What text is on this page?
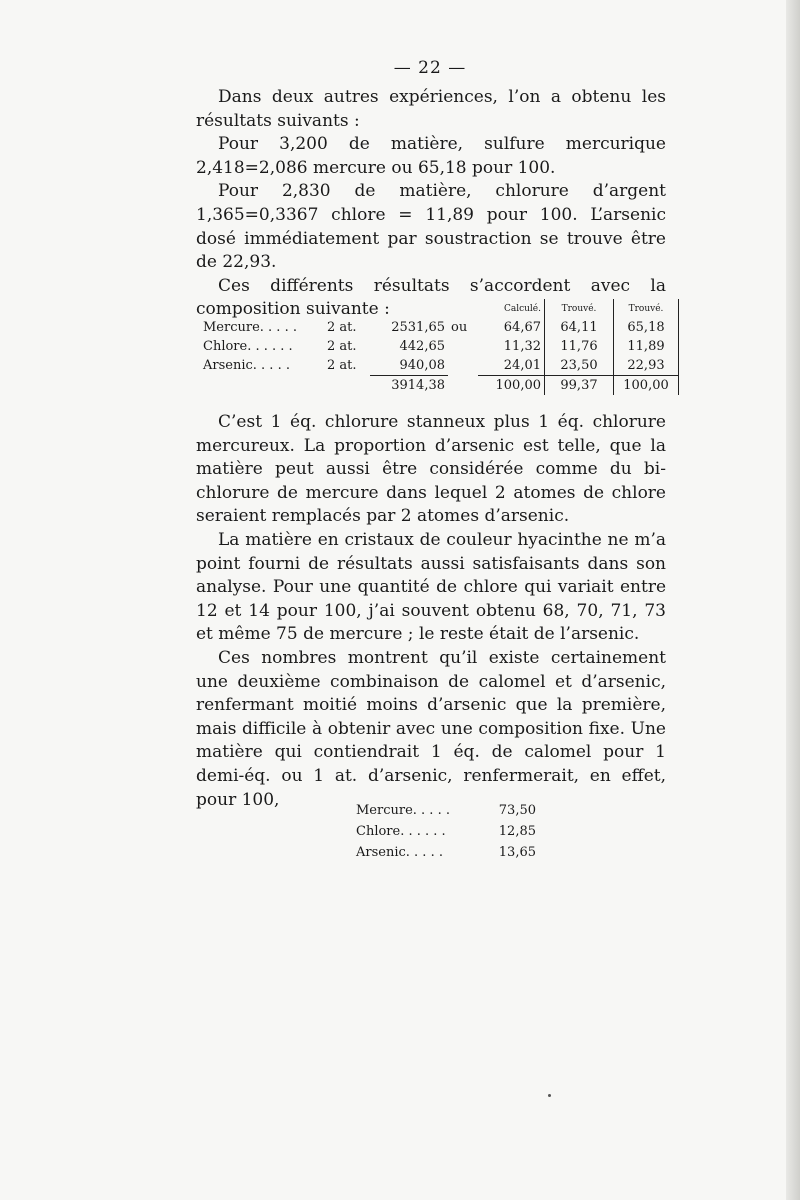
— 22 —

Dans deux autres expériences, l’on a obtenu les résultats suivants :

Pour 3,200 de matière, sulfure mercurique 2,418=2,086 mercure ou 65,18 pour 100.

Pour 2,830 de matière, chlorure d’argent 1,365=0,3367 chlore = 11,89 pour 100. L’arsenic dosé immédiatement par soustraction se trouve être de 22,93.

Ces différents résultats s’accordent avec la composition suivante :

					Calculé.	Trouvé.	Trouvé.
Mercure. . . . .	2 at.	2531,65	ou	64,67	64,11	65,18
Chlore. . . . . .	2 at.	442,65		11,32	11,76	11,89
Arsenic. . . . .	2 at.	940,08		24,01	23,50	22,93
		3914,38		100,00	99,37	100,00

C’est 1 éq. chlorure stanneux plus 1 éq. chlorure mercureux. La proportion d’arsenic est telle, que la matière peut aussi être considérée comme du bi-chlorure de mercure dans lequel 2 atomes de chlore seraient remplacés par 2 atomes d’arsenic.

La matière en cristaux de couleur hyacinthe ne m’a point fourni de résultats aussi satisfaisants dans son analyse. Pour une quantité de chlore qui variait entre 12 et 14 pour 100, j’ai souvent obtenu 68, 70, 71, 73 et même 75 de mercure ; le reste était de l’arsenic.

Ces nombres montrent qu’il existe certainement une deuxième combinaison de calomel et d’arsenic, renfermant moitié moins d’arsenic que la première, mais difficile à obtenir avec une composition fixe. Une matière qui contiendrait 1 éq. de calomel pour 1 demi-éq. ou 1 at. d’arsenic, renfermerait, en effet, pour 100,

Mercure. . . . .	73,50
Chlore. . . . . .	12,85
Arsenic. . . . .	13,65
